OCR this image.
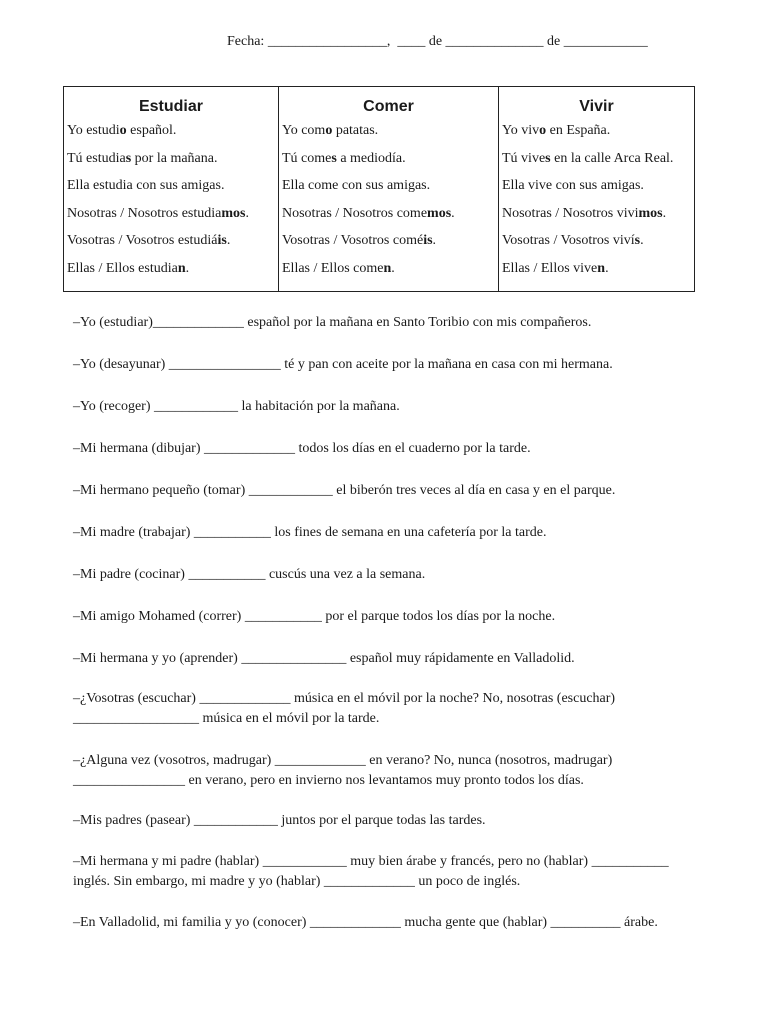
Fecha: _________________,  ____ de ______________ de ____________
Estudiar
Yo estudio español.
Tú estudias por la mañana.
Ella estudia con sus amigas.
Nosotras / Nosotros estudiamos.
Vosotras / Vosotros estudiáis.
Ellas / Ellos estudian.
Comer
Yo como patatas.
Tú comes a mediodía.
Ella come con sus amigas.
Nosotras / Nosotros comemos.
Vosotras / Vosotros coméis.
Ellas / Ellos comen.
Vivir
Yo vivo en España.
Tú vives en la calle Arca Real.
Ella vive con sus amigas.
Nosotras / Nosotros vivimos.
Vosotras / Vosotros vivís.
Ellas / Ellos viven.

–Yo (estudiar)_____________ español por la mañana en Santo Toribio con mis compañeros.

–Yo (desayunar) ________________ té y pan con aceite por la mañana en casa con mi hermana.

–Yo (recoger) ____________ la habitación por la mañana.

–Mi hermana (dibujar) _____________ todos los días en el cuaderno por la tarde.

–Mi hermano pequeño (tomar) ____________ el biberón tres veces al día en casa y en el parque.

–Mi madre (trabajar) ___________ los fines de semana en una cafetería por la tarde.

–Mi padre (cocinar) ___________ cuscús una vez a la semana.

–Mi amigo Mohamed (correr) ___________ por el parque todos los días por la noche.

–Mi hermana y yo (aprender) _______________ español muy rápidamente en Valladolid.

–¿Vosotras (escuchar) _____________ música en el móvil por la noche? No, nosotras (escuchar) __________________ música en el móvil por la tarde.

–¿Alguna vez (vosotros, madrugar) _____________ en verano? No, nunca (nosotros, madrugar) ________________ en verano, pero en invierno nos levantamos muy pronto todos los días.

–Mis padres (pasear) ____________ juntos por el parque todas las tardes.

–Mi hermana y mi padre (hablar) ____________ muy bien árabe y francés, pero no (hablar) ___________ inglés. Sin embargo, mi madre y yo (hablar) _____________ un poco de inglés.

–En Valladolid, mi familia y yo (conocer) _____________ mucha gente que (hablar) __________ árabe.
